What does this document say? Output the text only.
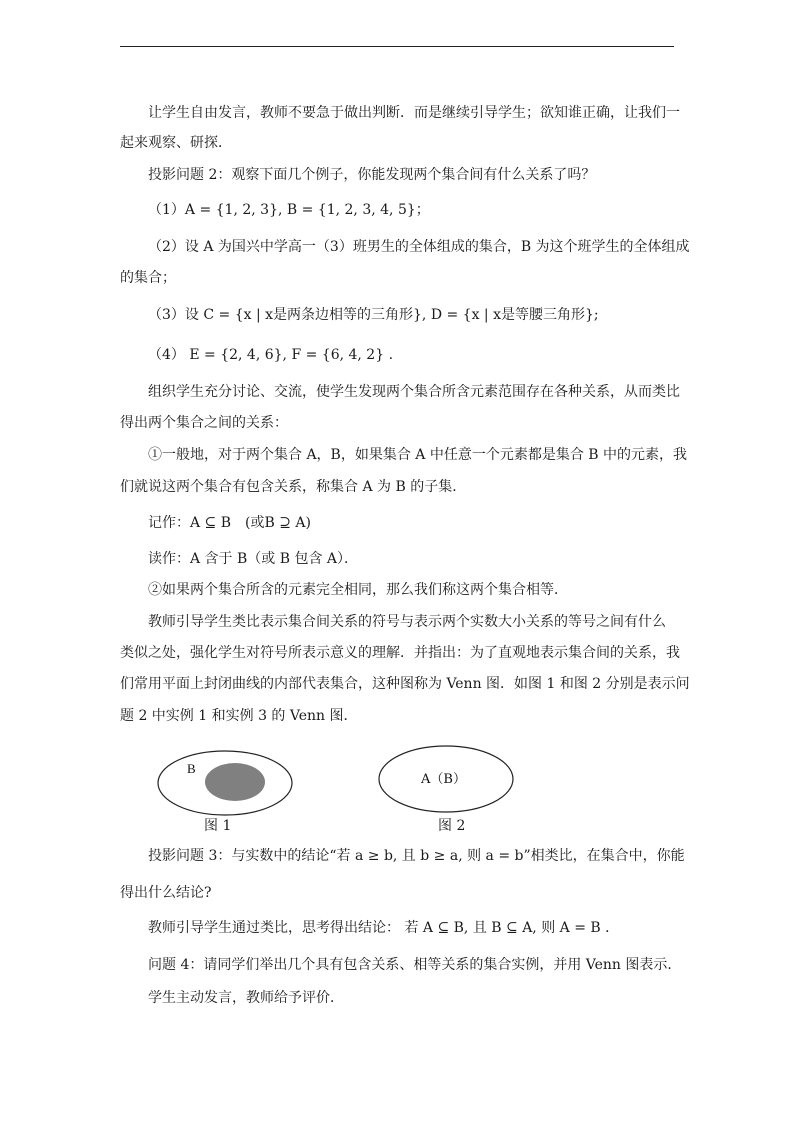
让学生自由发言，教师不要急于做出判断．而是继续引导学生；欲知谁正确，让我们一
起来观察、研探．
投影问题 2：观察下面几个例子，你能发现两个集合间有什么关系了吗？
（1）A = {1, 2, 3}, B = {1, 2, 3, 4, 5}；
（2）设 A 为国兴中学高一（3）班男生的全体组成的集合，B 为这个班学生的全体组成
的集合；
（3）设 C = {x | x是两条边相等的三角形}, D = {x | x是等腰三角形};
（4） E = {2, 4, 6}, F = {6, 4, 2} .
组织学生充分讨论、交流，使学生发现两个集合所含元素范围存在各种关系，从而类比
得出两个集合之间的关系：
①一般地，对于两个集合 A，B，如果集合 A 中任意一个元素都是集合 B 中的元素，我
们就说这两个集合有包含关系，称集合 A 为 B 的子集．
记作：A ⊆ B　(或B ⊇ A)
读作：A 含于 B（或 B 包含 A）．
②如果两个集合所含的元素完全相同，那么我们称这两个集合相等．
教师引导学生类比表示集合间关系的符号与表示两个实数大小关系的等号之间有什么
类似之处，强化学生对符号所表示意义的理解．并指出：为了直观地表示集合间的关系，我
们常用平面上封闭曲线的内部代表集合，这种图称为 Venn 图．如图 1 和图 2 分别是表示问
题 2 中实例 1 和实例 3 的 Venn 图．
B
图 1
A（B）
图 2
投影问题 3：与实数中的结论“若 a ≥ b, 且 b ≥ a, 则 a = b”相类比，在集合中，你能
得出什么结论?
教师引导学生通过类比，思考得出结论： 若 A ⊆ B, 且 B ⊆ A, 则 A = B ．
问题 4：请同学们举出几个具有包含关系、相等关系的集合实例，并用 Venn 图表示．
学生主动发言，教师给予评价．
